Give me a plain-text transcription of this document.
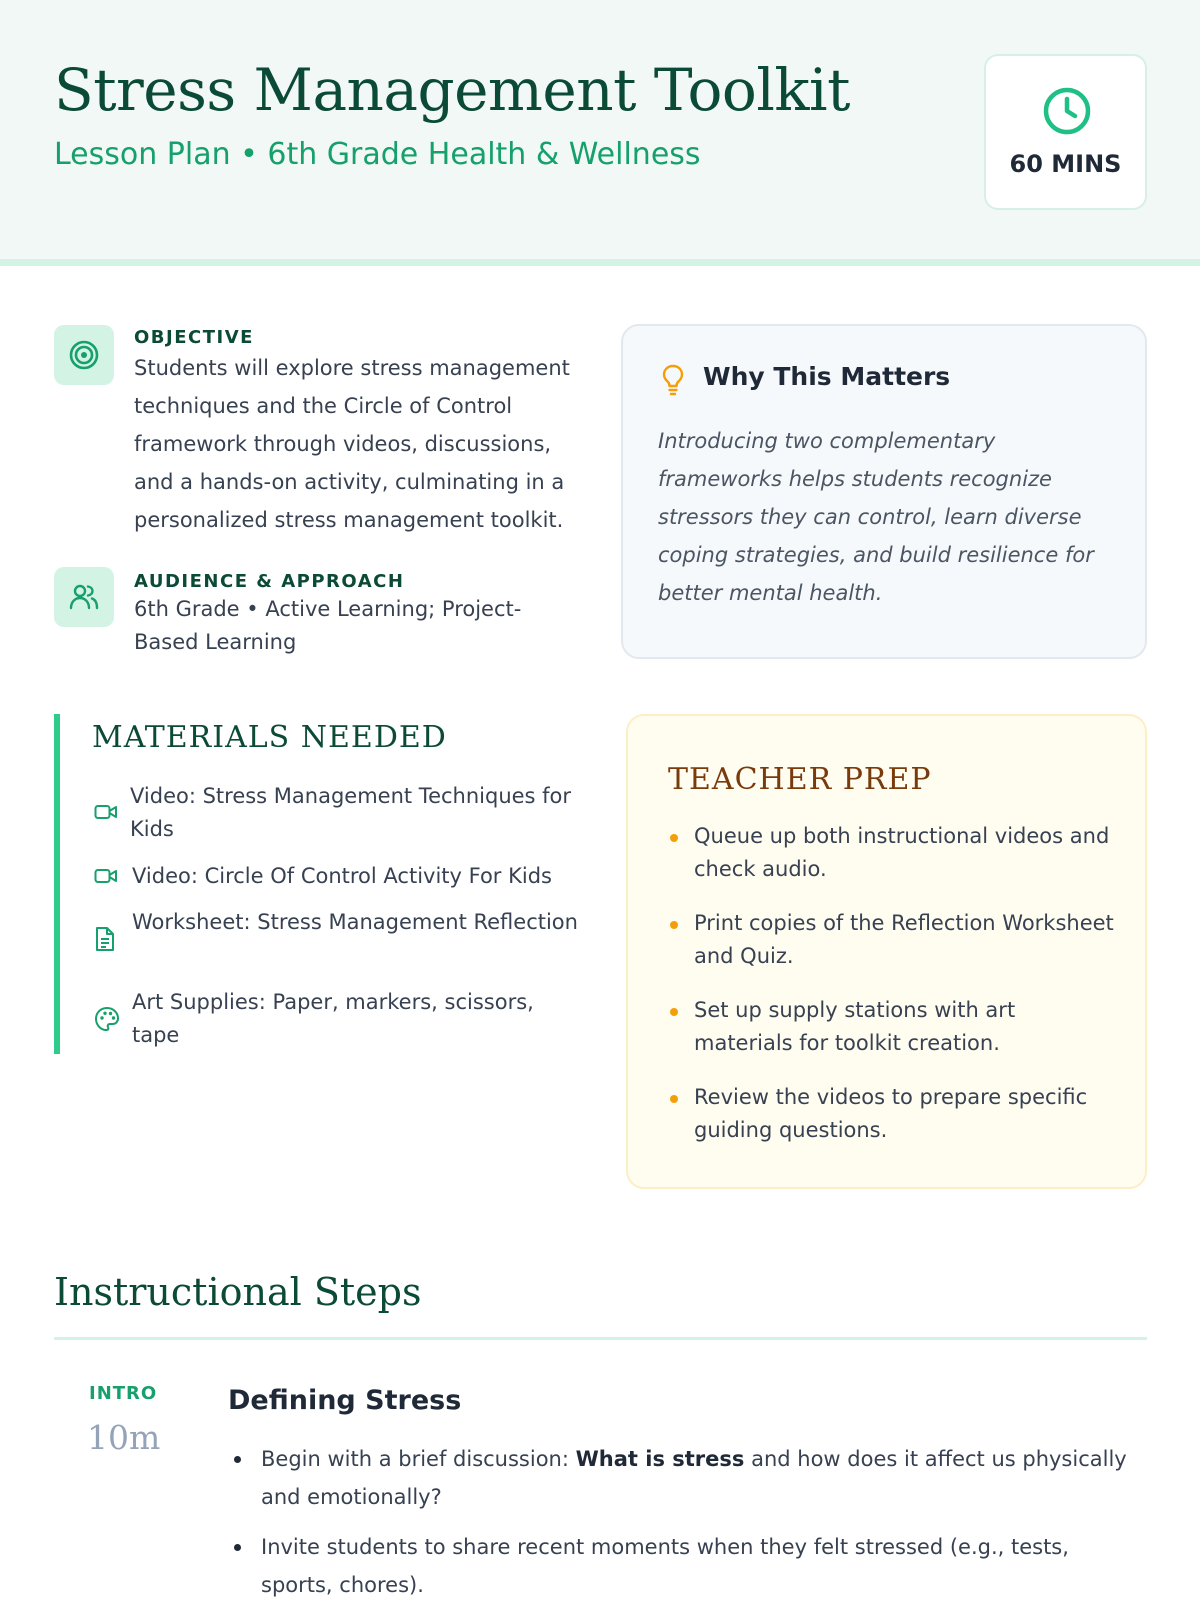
Stress Management Toolkit
Lesson Plan • 6th Grade Health & Wellness	60 MINS
OBJECTIVE
Students will explore stress management techniques and the Circle of Control framework through videos, discussions, and a hands-on activity, culminating in a personalized stress management toolkit.
AUDIENCE & APPROACH
6th Grade • Active Learning; Project-Based Learning
Why This Matters
Introducing two complementary frameworks helps students recognize stressors they can control, learn diverse coping strategies, and build resilience for better mental health.
MATERIALS NEEDED
Video: Stress Management Techniques for Kids
Video: Circle Of Control Activity For Kids
Worksheet: Stress Management Reflection
Art Supplies: Paper, markers, scissors, tape
TEACHER PREP
Queue up both instructional videos and check audio.
Print copies of the Reflection Worksheet and Quiz.
Set up supply stations with art materials for toolkit creation.
Review the videos to prepare specific guiding questions.
Instructional Steps
INTRO
10m
Defining Stress
Begin with a brief discussion: What is stress and how does it affect us physically and emotionally?
Invite students to share recent moments when they felt stressed (e.g., tests, sports, chores).
